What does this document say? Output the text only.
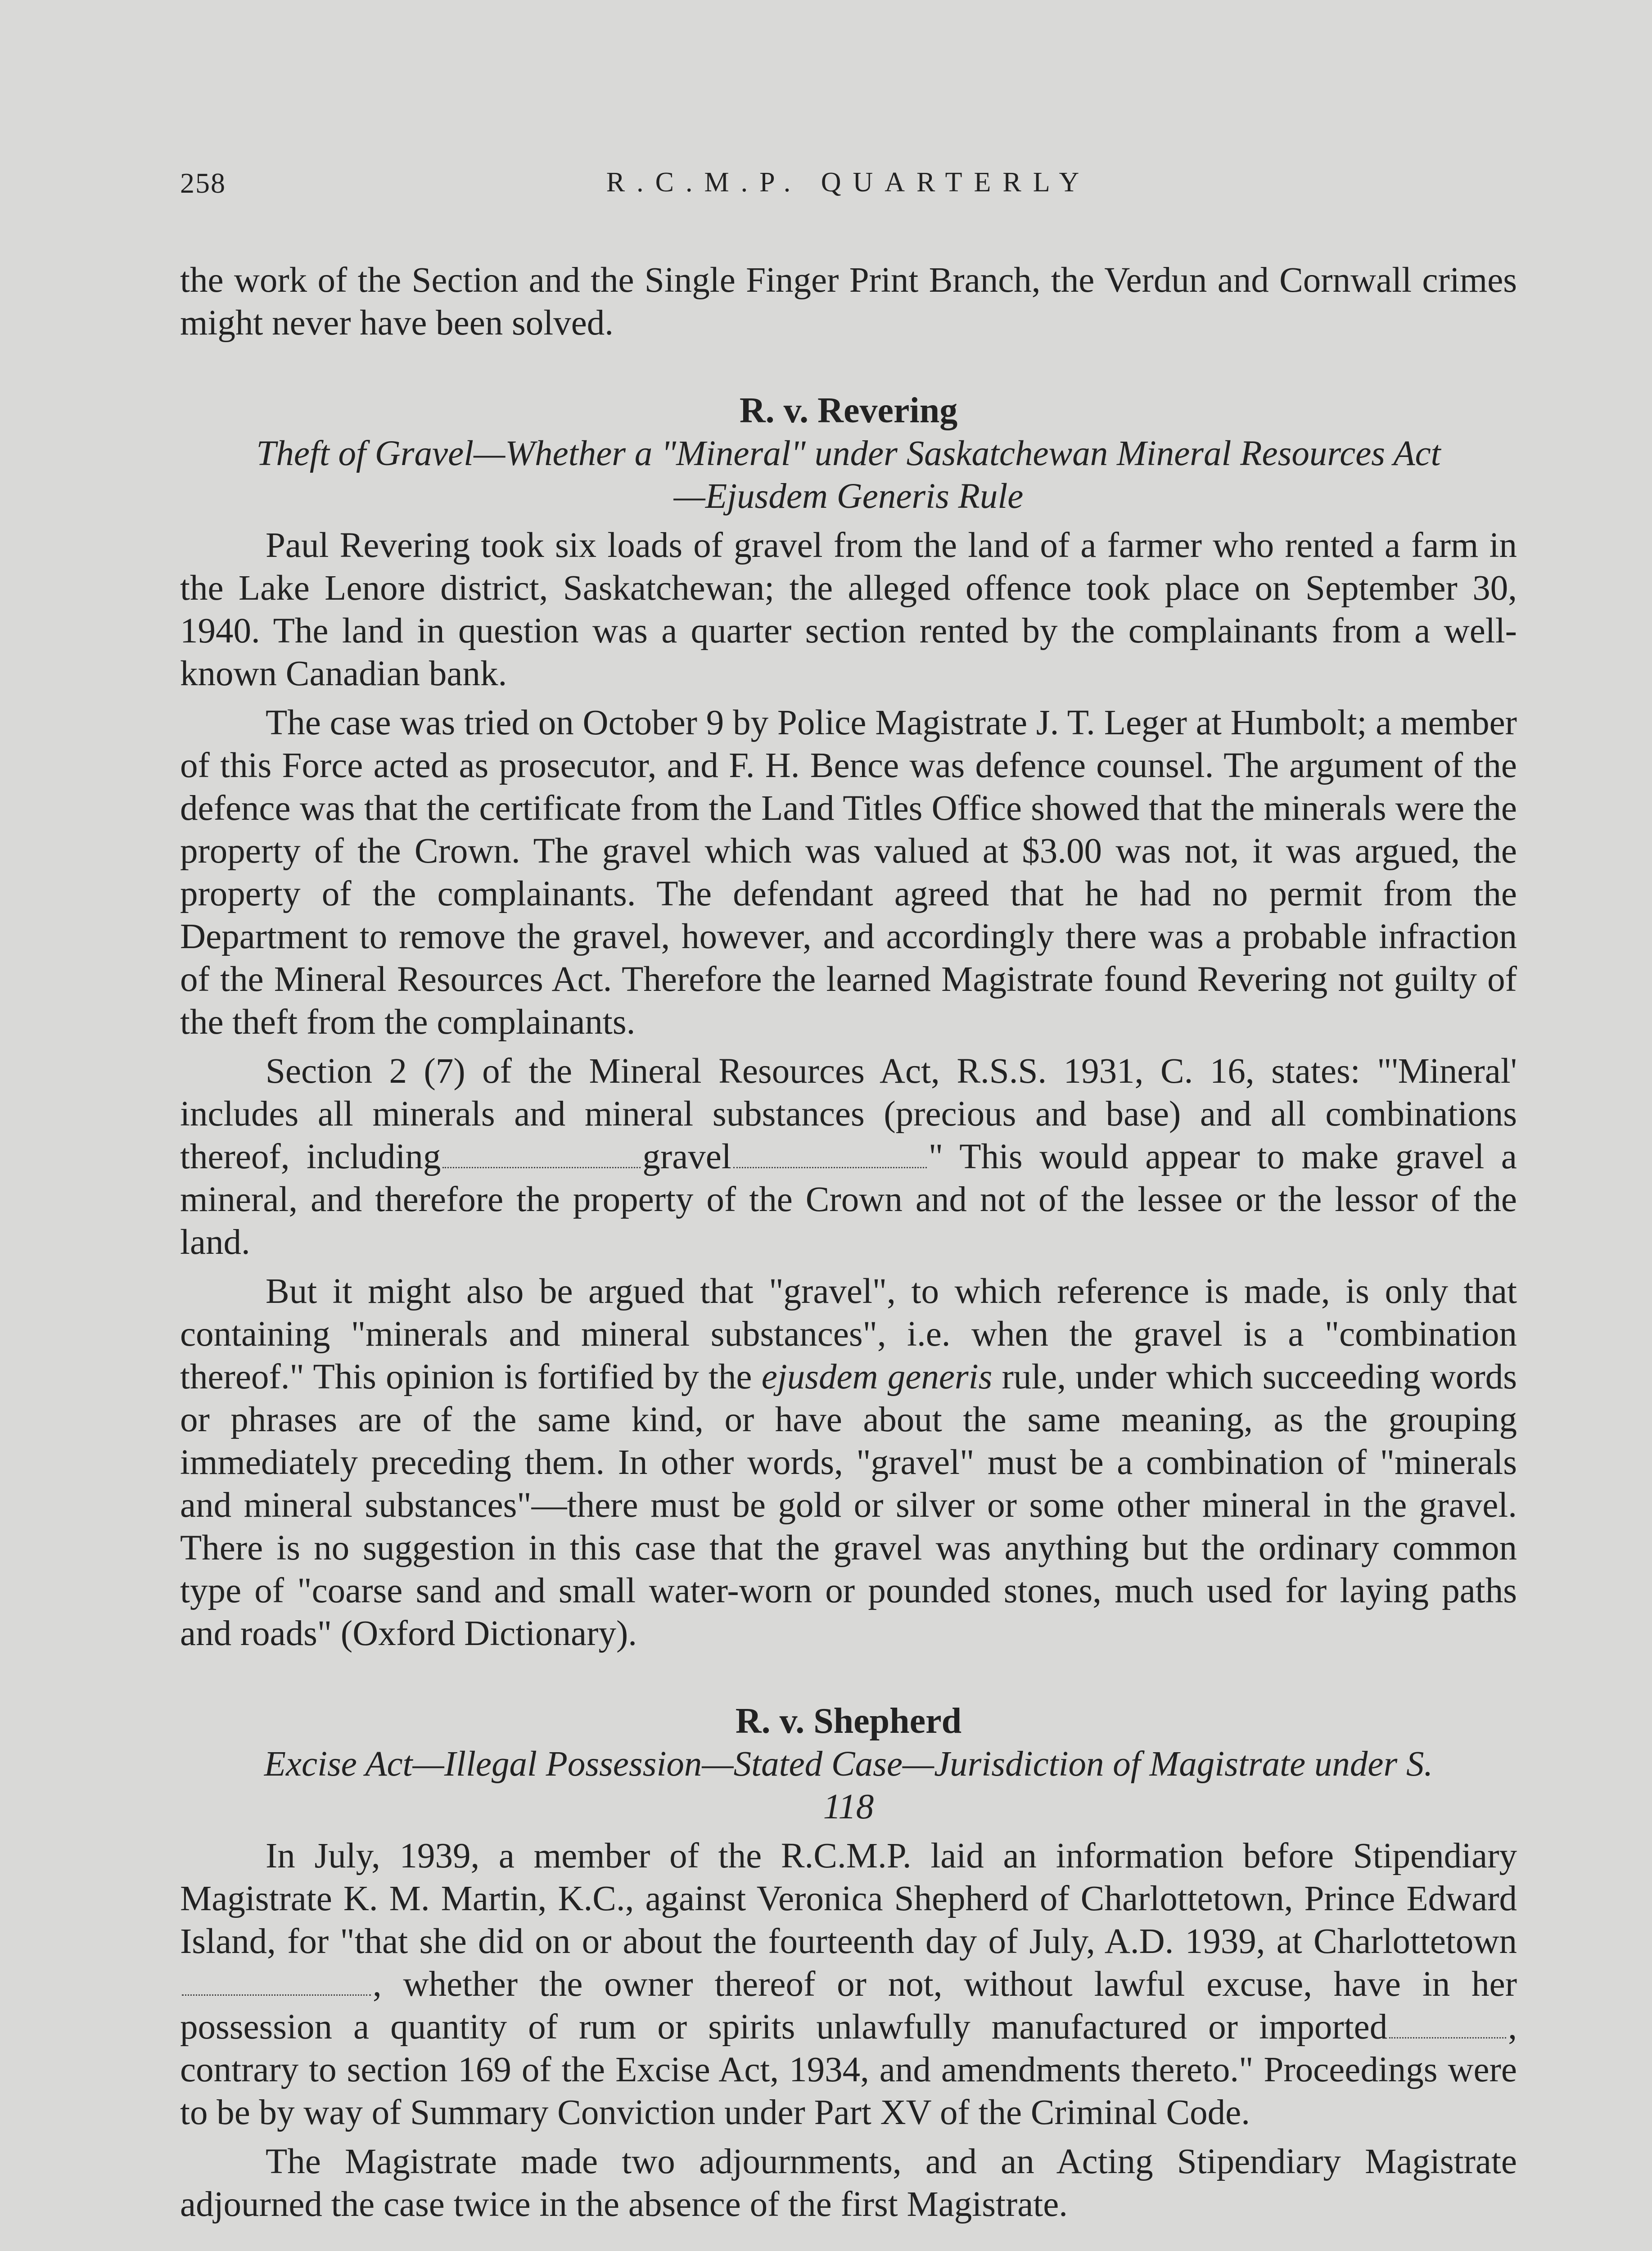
258	R.C.M.P. QUARTERLY

the work of the Section and the Single Finger Print Branch, the Verdun and Cornwall crimes might never have been solved.

R. v. Revering
Theft of Gravel—Whether a "Mineral" under Saskatchewan Mineral Resources Act—Ejusdem Generis Rule

Paul Revering took six loads of gravel from the land of a farmer who rented a farm in the Lake Lenore district, Saskatchewan; the alleged offence took place on September 30, 1940. The land in question was a quarter section rented by the complainants from a well-known Canadian bank.

The case was tried on October 9 by Police Magistrate J. T. Leger at Humbolt; a member of this Force acted as prosecutor, and F. H. Bence was defence counsel. The argument of the defence was that the certificate from the Land Titles Office showed that the minerals were the property of the Crown. The gravel which was valued at $3.00 was not, it was argued, the property of the complainants. The defendant agreed that he had no permit from the Department to remove the gravel, however, and accordingly there was a probable infraction of the Mineral Resources Act. Therefore the learned Magistrate found Revering not guilty of the theft from the complainants.

Section 2 (7) of the Mineral Resources Act, R.S.S. 1931, C. 16, states: "'Mineral' includes all minerals and mineral substances (precious and base) and all combinations thereof, including	gravel	" This would appear to make gravel a mineral, and therefore the property of the Crown and not of the lessee or the lessor of the land.

But it might also be argued that "gravel", to which reference is made, is only that containing "minerals and mineral substances", i.e. when the gravel is a "combination thereof." This opinion is fortified by the ejusdem generis rule, under which succeeding words or phrases are of the same kind, or have about the same meaning, as the grouping immediately preceding them. In other words, "gravel" must be a combination of "minerals and mineral substances"—there must be gold or silver or some other mineral in the gravel. There is no suggestion in this case that the gravel was anything but the ordinary common type of "coarse sand and small water-worn or pounded stones, much used for laying paths and roads" (Oxford Dictionary).

R. v. Shepherd
Excise Act—Illegal Possession—Stated Case—Jurisdiction of Magistrate under S. 118

In July, 1939, a member of the R.C.M.P. laid an information before Stipendiary Magistrate K. M. Martin, K.C., against Veronica Shepherd of Charlottetown, Prince Edward Island, for "that she did on or about the fourteenth day of July, A.D. 1939, at Charlottetown, whether the owner thereof or not, without lawful excuse, have in her possession a quantity of rum or spirits unlawfully manufactured or imported	, contrary to section 169 of the Excise Act, 1934, and amendments thereto." Proceedings were to be by way of Summary Conviction under Part XV of the Criminal Code.

The Magistrate made two adjournments, and an Acting Stipendiary Magistrate adjourned the case twice in the absence of the first Magistrate.
